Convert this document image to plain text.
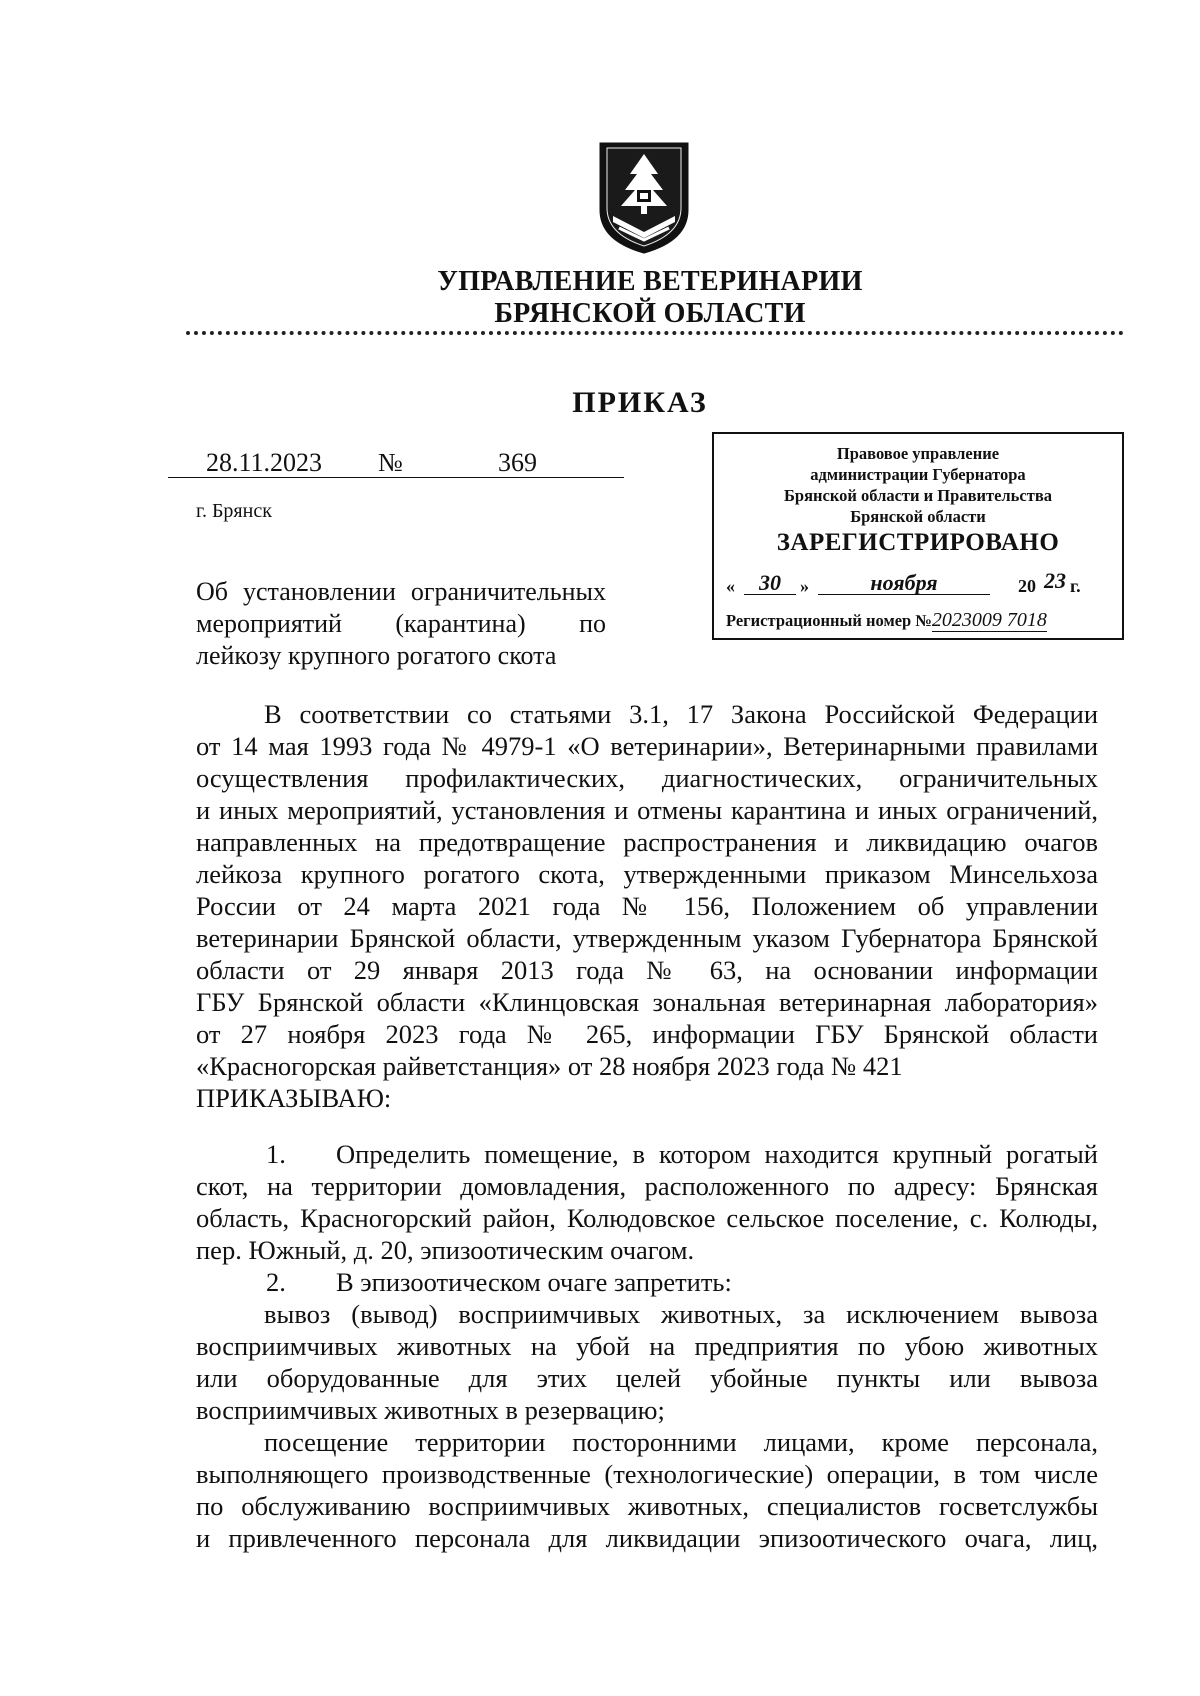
УПРАВЛЕНИЕ ВЕТЕРИНАРИИ
БРЯНСКОЙ ОБЛАСТИ
ПРИКАЗ
28.11.2023 №	369
г. Брянск
Правовое управление
администрации Губернатора
Брянской области и Правительства
Брянской области
ЗАРЕГИСТРИРОВАНО
«	30	»	ноября	20 23 г.
Регистрационный номер №2023009 7018
Об установлении ограничительных
мероприятий (карантина) по
лейкозу крупного рогатого скота
В соответствии со статьями 3.1, 17 Закона Российской Федерации
от 14 мая 1993 года № 4979-1 «О ветеринарии», Ветеринарными правилами
осуществления профилактических, диагностических, ограничительных
и иных мероприятий, установления и отмены карантина и иных ограничений,
направленных на предотвращение распространения и ликвидацию очагов
лейкоза крупного рогатого скота, утвержденными приказом Минсельхоза
России от 24 марта 2021 года № 156, Положением об управлении
ветеринарии Брянской области, утвержденным указом Губернатора Брянской
области от 29 января 2013 года № 63, на основании информации
ГБУ Брянской области «Клинцовская зональная ветеринарная лаборатория»
от 27 ноября 2023 года № 265, информации ГБУ Брянской области
«Красногорская райветстанция» от 28 ноября 2023 года № 421
ПРИКАЗЫВАЮ:
1. Определить помещение, в котором находится крупный рогатый
скот, на территории домовладения, расположенного по адресу: Брянская
область, Красногорский район, Колюдовское сельское поселение, с. Колюды,
пер. Южный, д. 20, эпизоотическим очагом.
2. В эпизоотическом очаге запретить:
вывоз (вывод) восприимчивых животных, за исключением вывоза
восприимчивых животных на убой на предприятия по убою животных
или оборудованные для этих целей убойные пункты или вывоза
восприимчивых животных в резервацию;
посещение территории посторонними лицами, кроме персонала,
выполняющего производственные (технологические) операции, в том числе
по обслуживанию восприимчивых животных, специалистов госветслужбы
и привлеченного персонала для ликвидации эпизоотического очага, лиц,
